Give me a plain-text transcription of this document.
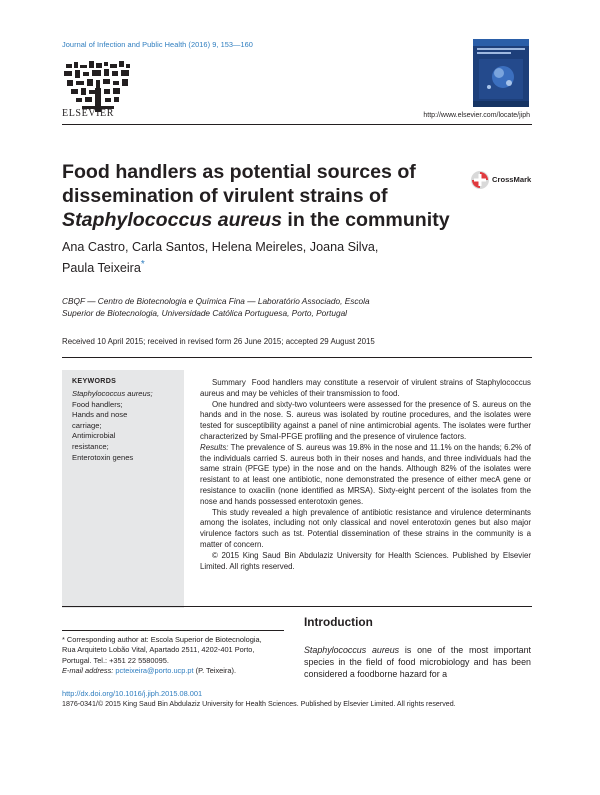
Journal of Infection and Public Health (2016) 9, 153—160
ELSEVIER	http://www.elsevier.com/locate/jiph
Food handlers as potential sources of
dissemination of virulent strains of
Staphylococcus aureus in the community
CrossMark
Ana Castro, Carla Santos, Helena Meireles, Joana Silva,
Paula Teixeira*
CBQF — Centro de Biotecnologia e Química Fina — Laboratório Associado, Escola
Superior de Biotecnologia, Universidade Católica Portuguesa, Porto, Portugal
Received 10 April 2015; received in revised form 26 June 2015; accepted 29 August 2015
KEYWORDS
Staphylococcus aureus;
Food handlers;
Hands and nose
carriage;
Antimicrobial
resistance;
Enterotoxin genes

Summary Food handlers may constitute a reservoir of virulent strains of Staphylococcus aureus and may be vehicles of their transmission to food.

One hundred and sixty-two volunteers were assessed for the presence of S. aureus on the hands and in the nose. S. aureus was isolated by routine procedures, and the isolates were tested for susceptibility against a panel of nine antimicrobial agents. The isolates were further characterized by SmaI-PFGE profiling and the presence of virulence factors.

Results: The prevalence of S. aureus was 19.8% in the nose and 11.1% on the hands; 6.2% of the individuals carried S. aureus both in their noses and hands, and three individuals had the same strain (PFGE type) in the nose and on the hands. Although 82% of the isolates were resistant to at least one antibiotic, none demonstrated the presence of either mecA gene or resistance to oxacilin (none identified as MRSA). Sixty-eight percent of the isolates from the nose and hands possessed enterotoxin genes.

This study revealed a high prevalence of antibiotic resistance and virulence determinants among the isolates, including not only classical and novel enterotoxin genes but also major virulence factors such as tst. Potential dissemination of these strains in the community is a matter of concern.

© 2015 King Saud Bin Abdulaziz University for Health Sciences. Published by Elsevier Limited. All rights reserved.

* Corresponding author at: Escola Superior de Biotecnologia,
Rua Arquiteto Lobão Vital, Apartado 2511, 4202-401 Porto,
Portugal. Tel.: +351 22 5580095.
E-mail address: pcteixeira@porto.ucp.pt (P. Teixeira).
Introduction
Staphylococcus aureus is one of the most important species in the field of food microbiology and has been considered a foodborne hazard for a
http://dx.doi.org/10.1016/j.jiph.2015.08.001
1876-0341/© 2015 King Saud Bin Abdulaziz University for Health Sciences. Published by Elsevier Limited. All rights reserved.
